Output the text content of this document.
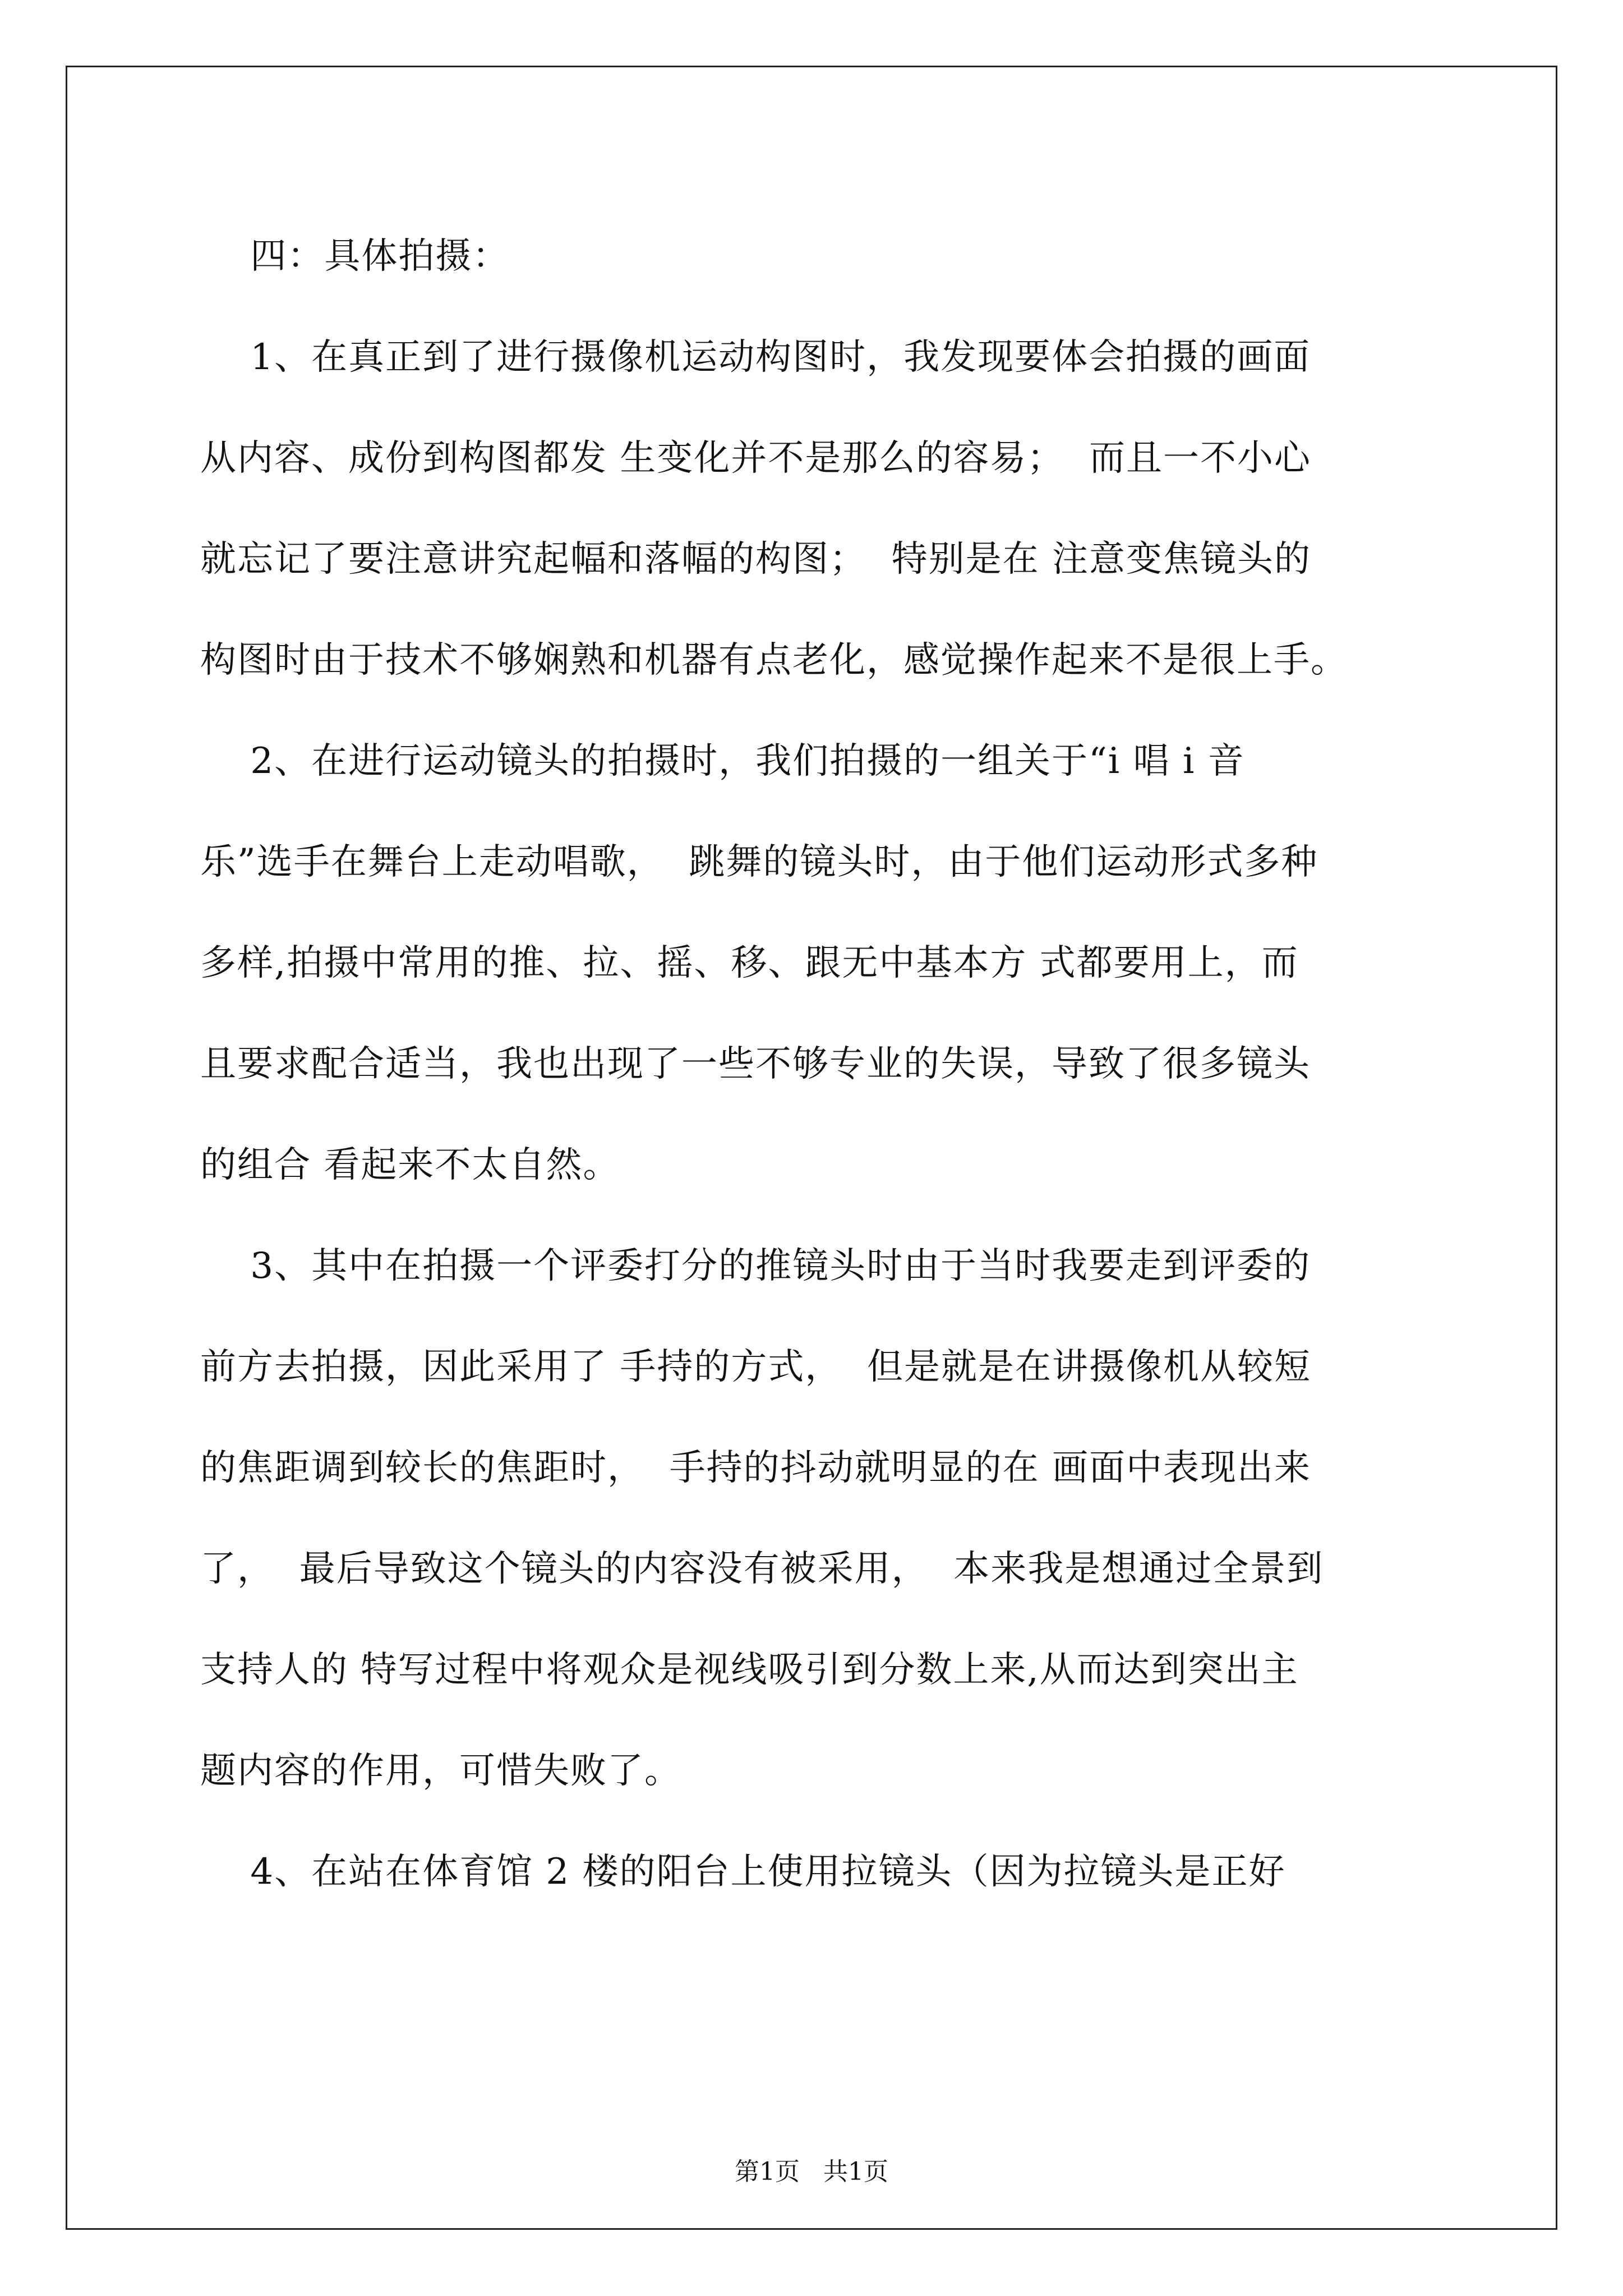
四：具体拍摄：
1、在真正到了进行摄像机运动构图时，我发现要体会拍摄的画面
从内容、成份到构图都发 生变化并不是那么的容易；  而且一不小心
就忘记了要注意讲究起幅和落幅的构图；  特别是在 注意变焦镜头的
构图时由于技术不够娴熟和机器有点老化，感觉操作起来不是很上手。
2、在进行运动镜头的拍摄时，我们拍摄的一组关于“i 唱 i 音
乐”选手在舞台上走动唱歌，  跳舞的镜头时，由于他们运动形式多种
多样,拍摄中常用的推、拉、摇、移、跟无中基本方 式都要用上，而
且要求配合适当，我也出现了一些不够专业的失误，导致了很多镜头
的组合 看起来不太自然。
3、其中在拍摄一个评委打分的推镜头时由于当时我要走到评委的
前方去拍摄，因此采用了 手持的方式，  但是就是在讲摄像机从较短
的焦距调到较长的焦距时，  手持的抖动就明显的在 画面中表现出来
了，  最后导致这个镜头的内容没有被采用，  本来我是想通过全景到
支持人的 特写过程中将观众是视线吸引到分数上来,从而达到突出主
题内容的作用，可惜失败了。
4、在站在体育馆 2 楼的阳台上使用拉镜头（因为拉镜头是正好
第1页   共1页
